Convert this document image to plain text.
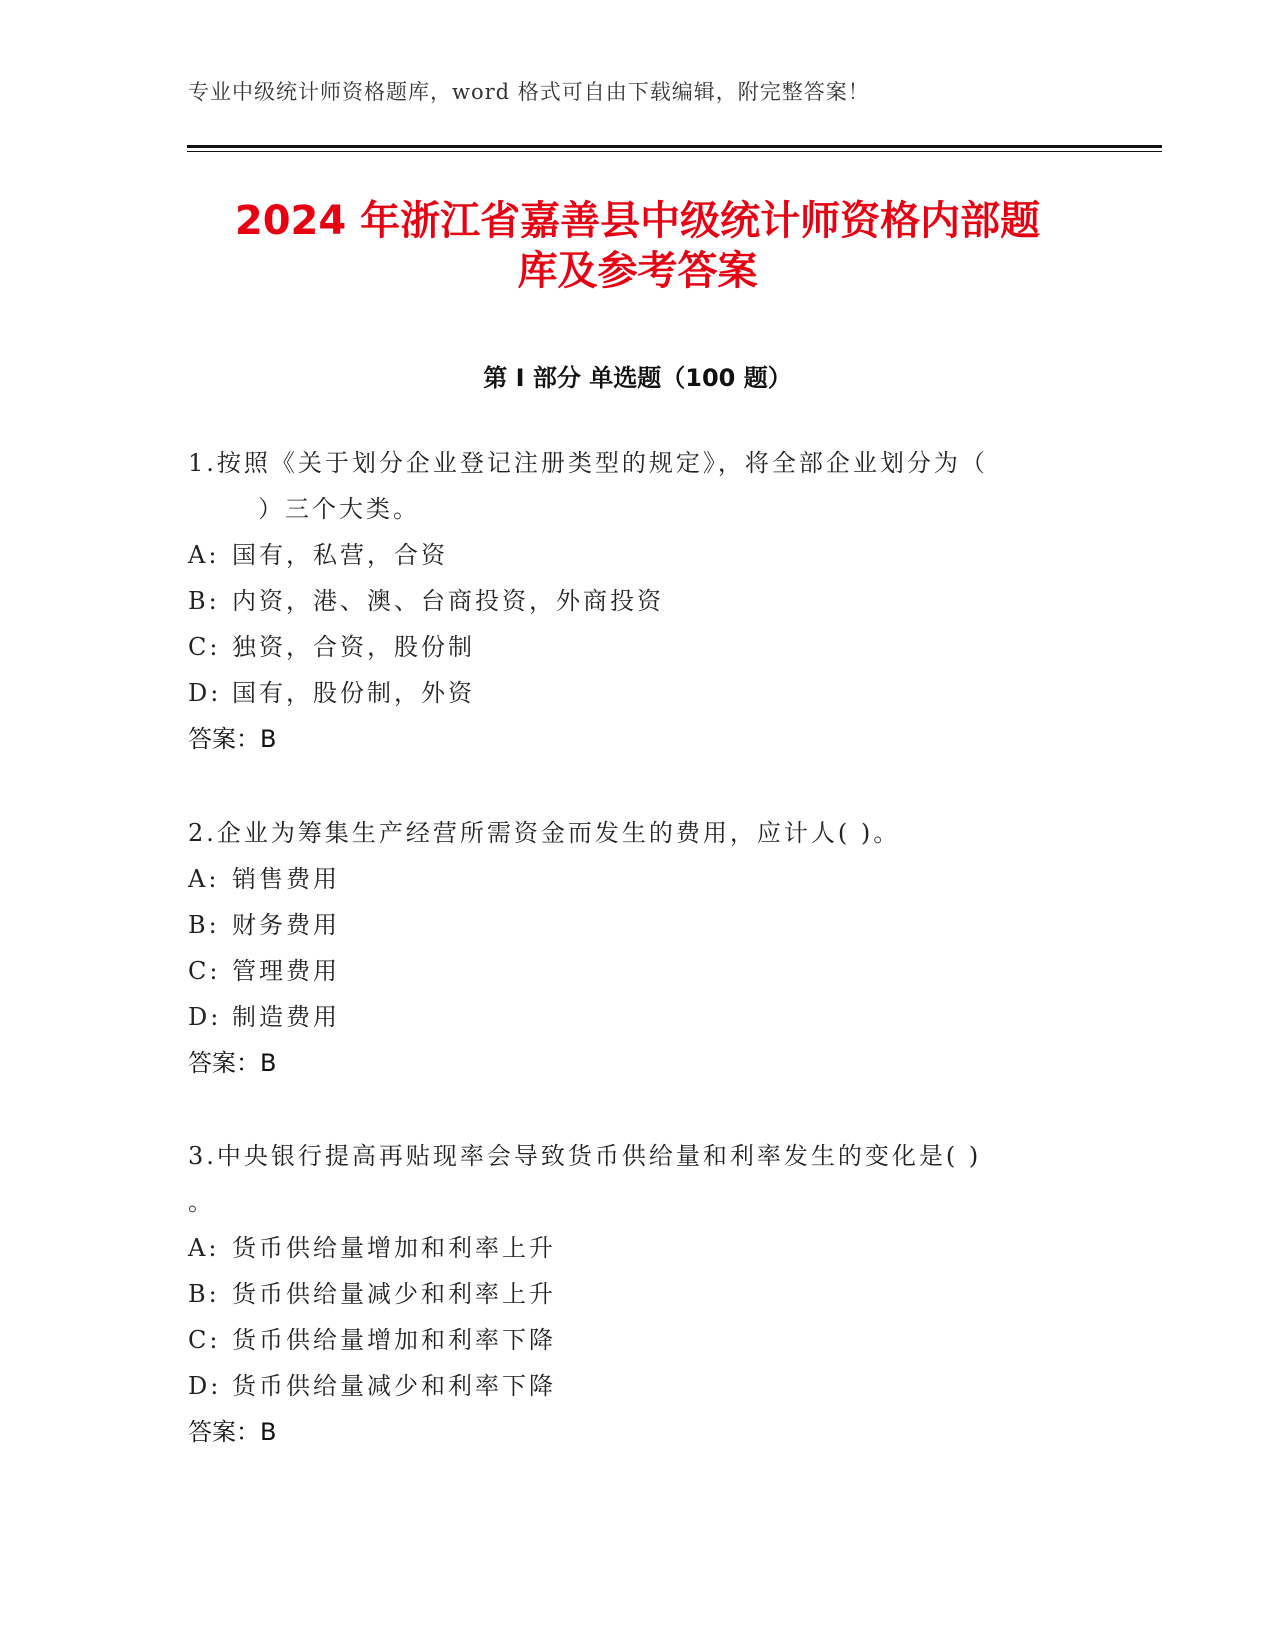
专业中级统计师资格题库，word 格式可自由下载编辑，附完整答案！
2024 年浙江省嘉善县中级统计师资格内部题
库及参考答案
第 I 部分 单选题（100 题）
1.按照《关于划分企业登记注册类型的规定》，将全部企业划分为（
）三个大类。
A: 国有，私营，合资
B: 内资，港、澳、台商投资，外商投资
C: 独资，合资，股份制
D: 国有，股份制，外资
答案：B
2.企业为筹集生产经营所需资金而发生的费用，应计人( )。
A: 销售费用
B: 财务费用
C: 管理费用
D: 制造费用
答案：B
3.中央银行提高再贴现率会导致货币供给量和利率发生的变化是( )
。
A: 货币供给量增加和利率上升
B: 货币供给量减少和利率上升
C: 货币供给量增加和利率下降
D: 货币供给量减少和利率下降
答案：B
